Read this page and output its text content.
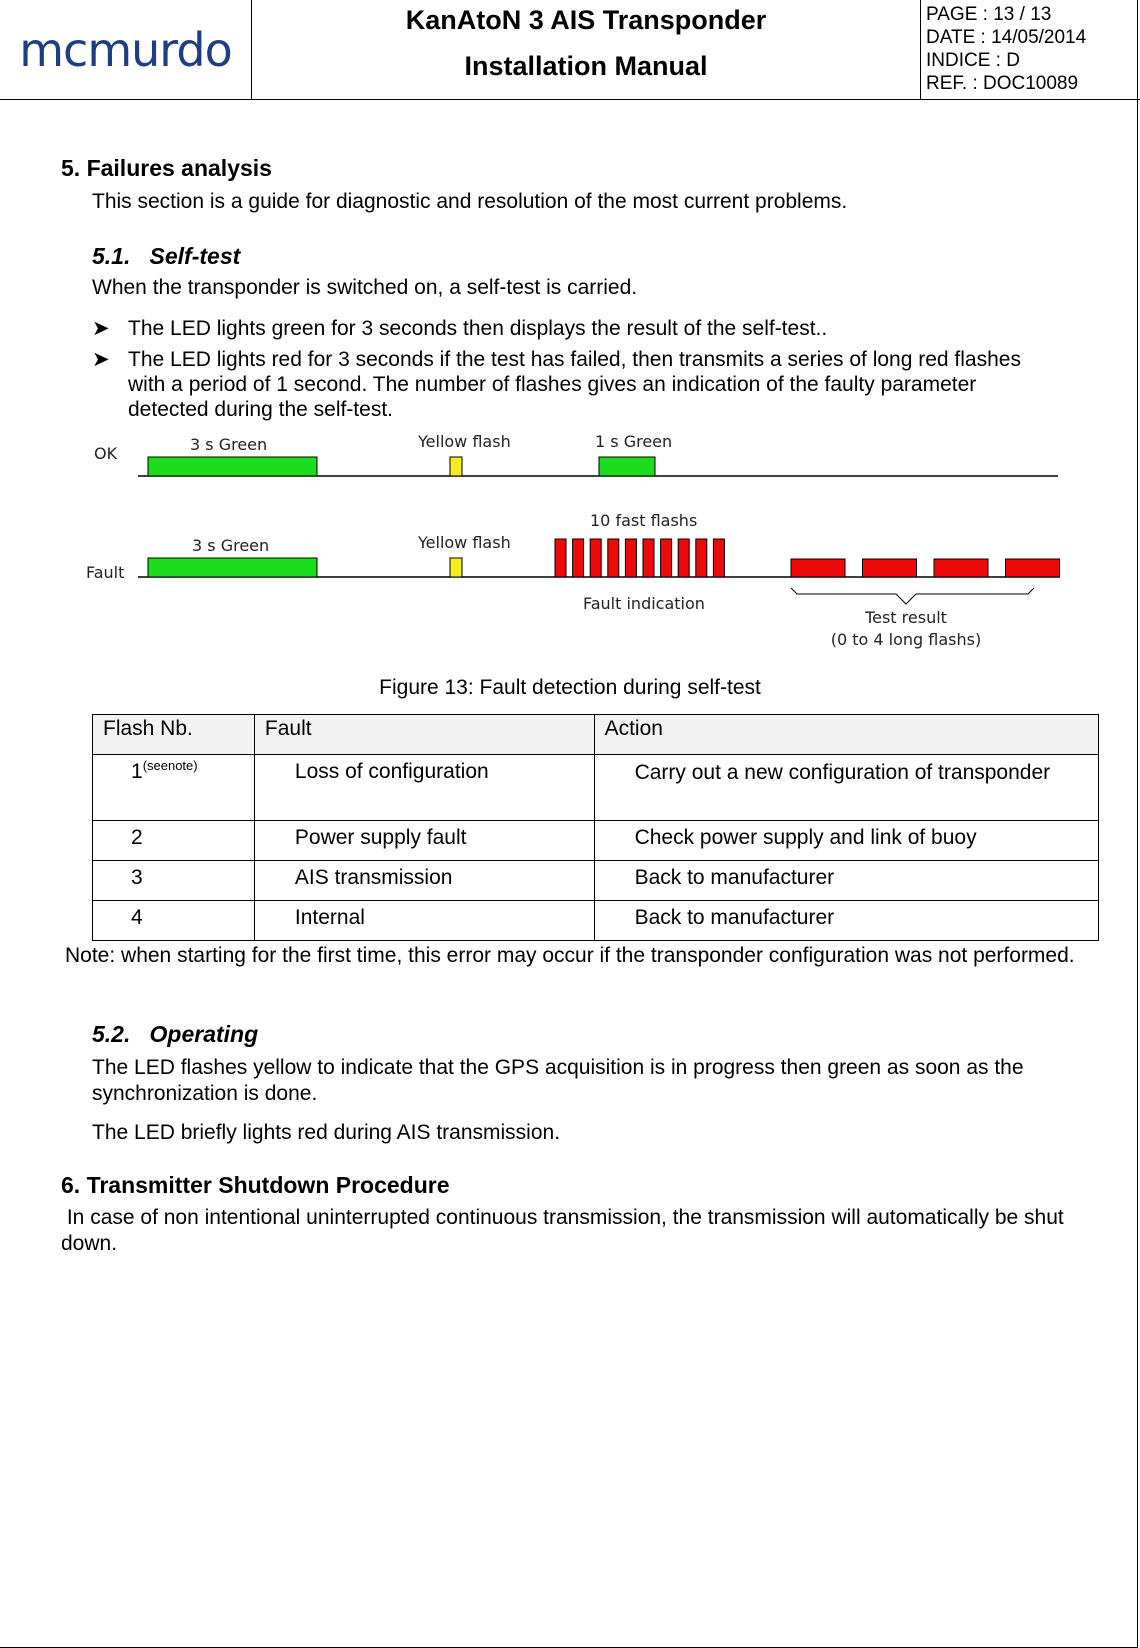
mcmurdo
KanAtoN 3 AIS Transponder
Installation Manual
PAGE : 13 / 13
DATE : 14/05/2014
INDICE : D
REF. : DOC10089
5. Failures analysis
This section is a guide for diagnostic and resolution of the most current problems.
5.1.   Self-test
When the transponder is switched on, a self-test is carried.
➤ The LED lights green for 3 seconds then displays the result of the self-test..
➤ The LED lights red for 3 seconds if the test has failed, then transmits a series of long red flashes with a period of 1 second. The number of flashes gives an indication of the faulty parameter detected during the self-test.
OK	3 s Green	Yellow flash	1 s Green
Fault
3 s Green	Yellow flash
10 fast flashs
Fault indication
Test result
(0 to 4 long flashs)
Figure 13: Fault detection during self-test
Flash Nb.	Fault	Action
$1^{(seenote)}$	Loss of configuration	Carry out a new configuration of transponder
2	Power supply fault	Check power supply and link of buoy
3	AIS transmission	Back to manufacturer
4	Internal	Back to manufacturer
Note: when starting for the first time, this error may occur if the transponder configuration was not performed.
5.2.   Operating
The LED flashes yellow to indicate that the GPS acquisition is in progress then green as soon as the synchronization is done.
The LED briefly lights red during AIS transmission.
6. Transmitter Shutdown Procedure
In case of non intentional uninterrupted continuous transmission, the transmission will automatically be shut down.
